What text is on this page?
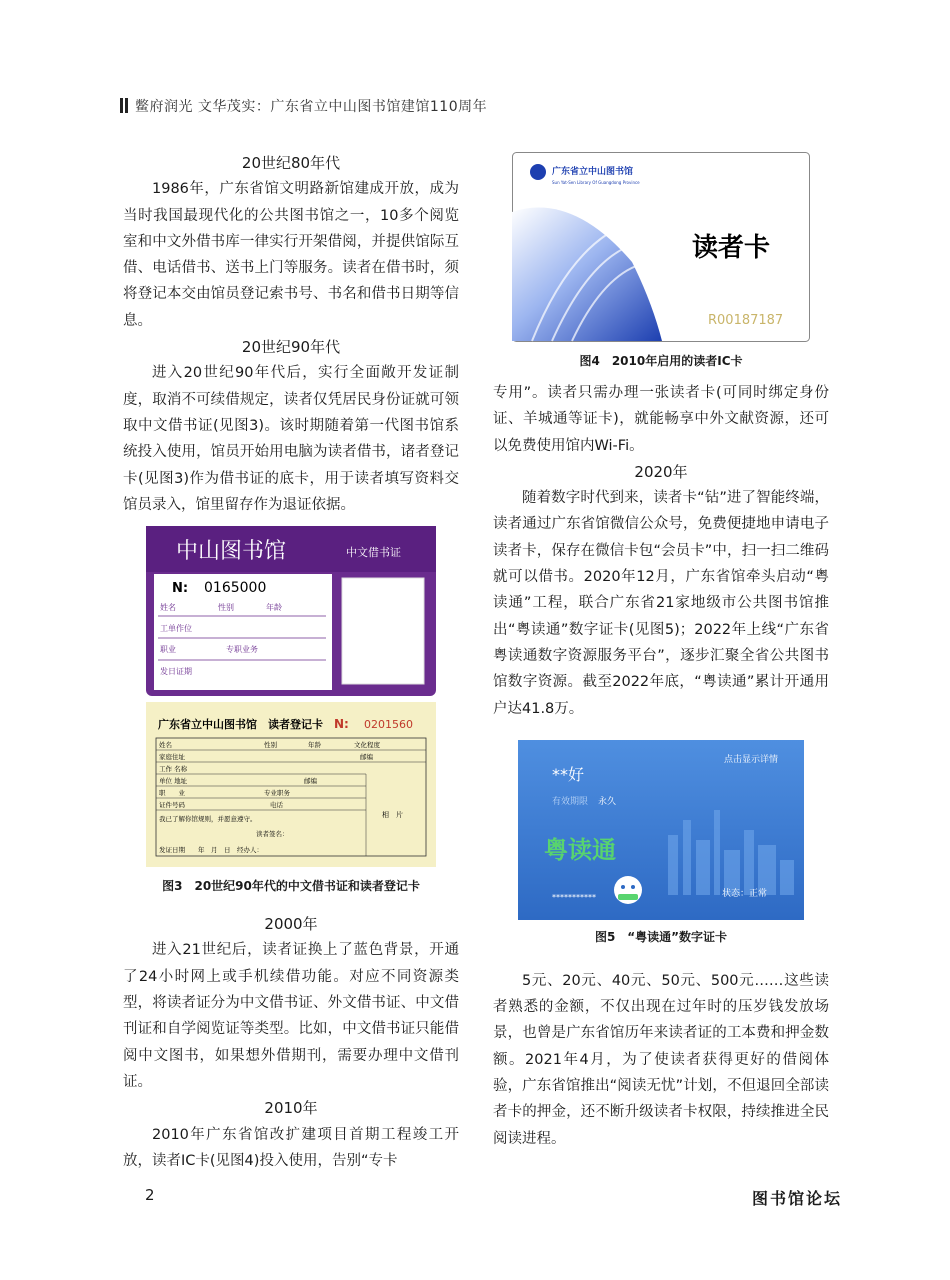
鳖府润光 文华茂实：广东省立中山图书馆建馆110周年

20世纪80年代

1986年，广东省馆文明路新馆建成开放，成为当时我国最现代化的公共图书馆之一，10多个阅览室和中文外借书库一律实行开架借阅，并提供馆际互借、电话借书、送书上门等服务。读者在借书时，须将登记本交由馆员登记索书号、书名和借书日期等信息。

20世纪90年代

进入20世纪90年代后，实行全面敞开发证制度，取消不可续借规定，读者仅凭居民身份证就可领取中文借书证(见图3)。该时期随着第一代图书馆系统投入使用，馆员开始用电脑为读者借书，诸者登记卡(见图3)作为借书证的底卡，用于读者填写资料交馆员录入，馆里留存作为退证依据。

中山图书馆	中文借书证
N: 0165000
姓名	性别	年龄
工单作位
职业	专职业务
发日证期
广东省立中山图书馆　读者登记卡 N: 0201560
姓名	性别	年龄	文化程度
家庭住址	邮编
工作 名称
单位 地址	邮编
职　　业	专业职务
证件号码	电话
相　片
我已了解你馆规则，并愿意遵守。
读者签名：
发证日期　　年　月　日　经办人：

图3　20世纪90年代的中文借书证和读者登记卡

2000年

进入21世纪后，读者证换上了蓝色背景，开通了24小时网上或手机续借功能。对应不同资源类型，将读者证分为中文借书证、外文借书证、中文借刊证和自学阅览证等类型。比如，中文借书证只能借阅中文图书，如果想外借期刊，需要办理中文借刊证。

2010年

2010年广东省馆改扩建项目首期工程竣工开放，读者IC卡(见图4)投入使用，告别“专卡

广东省立中山图书馆
Sun Yat-Sen Library Of Guangdong Province
读者卡
R00187187

图4　2010年启用的读者IC卡

专用”。读者只需办理一张读者卡(可同时绑定身份证、羊城通等证卡)，就能畅享中外文献资源，还可以免费使用馆内Wi-Fi。

2020年

随着数字时代到来，读者卡“钻”进了智能终端，读者通过广东省馆微信公众号，免费便捷地申请电子读者卡，保存在微信卡包“会员卡”中，扫一扫二维码就可以借书。2020年12月，广东省馆牵头启动“粤读通”工程，联合广东省21家地级市公共图书馆推出“粤读通”数字证卡(见图5)；2022年上线“广东省粤读通数字资源服务平台”，逐步汇聚全省公共图书馆数字资源。截至2022年底，“粤读通”累计开通用户达41.8万。

点击显示详情
**好
有效期限 永久
粤读通
***********	状态：正常

图5　“粤读通”数字证卡

5元、20元、40元、50元、500元……这些读者熟悉的金额，不仅出现在过年时的压岁钱发放场景，也曾是广东省馆历年来读者证的工本费和押金数额。2021年4月，为了使读者获得更好的借阅体验，广东省馆推出“阅读无忧”计划，不但退回全部读者卡的押金，还不断升级读者卡权限，持续推进全民阅读进程。

2	图书馆论坛
